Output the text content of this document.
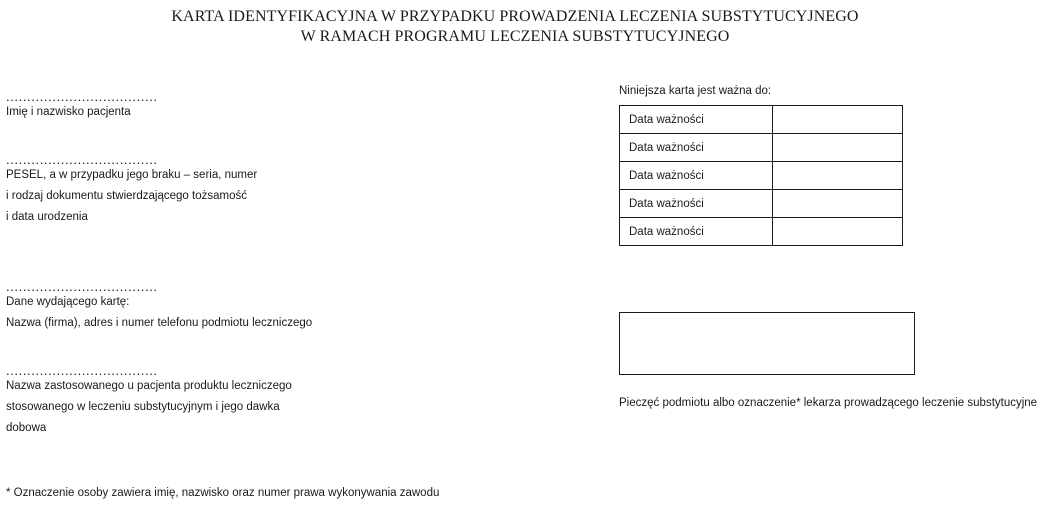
KARTA IDENTYFIKACYJNA W PRZYPADKU PROWADZENIA LECZENIA SUBSTYTUCYJNEGO
W RAMACH PROGRAMU LECZENIA SUBSTYTUCYJNEGO
....................................
Imię i nazwisko pacjenta
....................................
PESEL, a w przypadku jego braku – seria, numer
i rodzaj dokumentu stwierdzającego tożsamość
i data urodzenia
....................................
Dane wydającego kartę:
Nazwa (firma), adres i numer telefonu podmiotu leczniczego
....................................
Nazwa zastosowanego u pacjenta produktu leczniczego
stosowanego w leczeniu substytucyjnym i jego dawka
dobowa
* Oznaczenie osoby zawiera imię, nazwisko oraz numer prawa wykonywania zawodu
Niniejsza karta jest ważna do:
Data ważności	
Data ważności	
Data ważności	
Data ważności	
Data ważności	
Pieczęć podmiotu albo oznaczenie* lekarza prowadzącego leczenie substytucyjne
